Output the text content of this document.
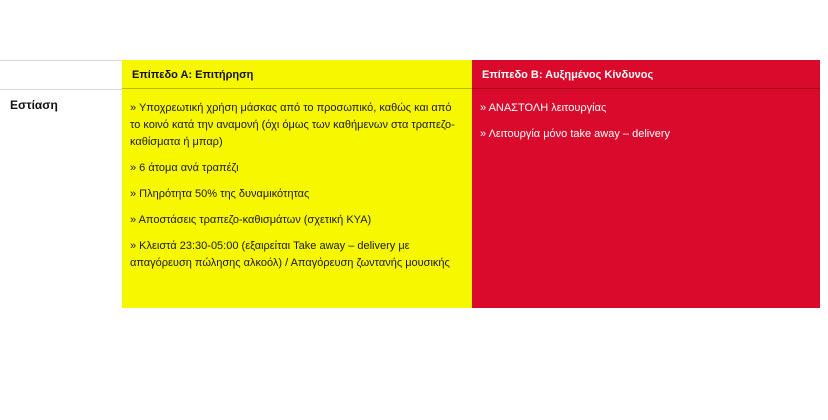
Εστίαση
Επίπεδο Α: Επιτήρηση
» Υποχρεωτική χρήση μάσκας από το προσωπικό, καθώς και από το κοινό κατά την αναμονή (όχι όμως των καθήμενων στα τραπεζο-καθίσματα ή μπαρ)
» 6 άτομα ανά τραπέζι
» Πληρότητα 50% της δυναμικότητας
» Αποστάσεις τραπεζο-καθισμάτων (σχετική ΚΥΑ)
» Κλειστά 23:30-05:00 (εξαιρείται Take away – delivery με απαγόρευση πώλησης αλκοόλ) / Απαγόρευση ζωντανής μουσικής
Επίπεδο Β: Αυξημένος Κίνδυνος
» ΑΝΑΣΤΟΛΗ λειτουργίας
» Λειτουργία μόνο take away – delivery
